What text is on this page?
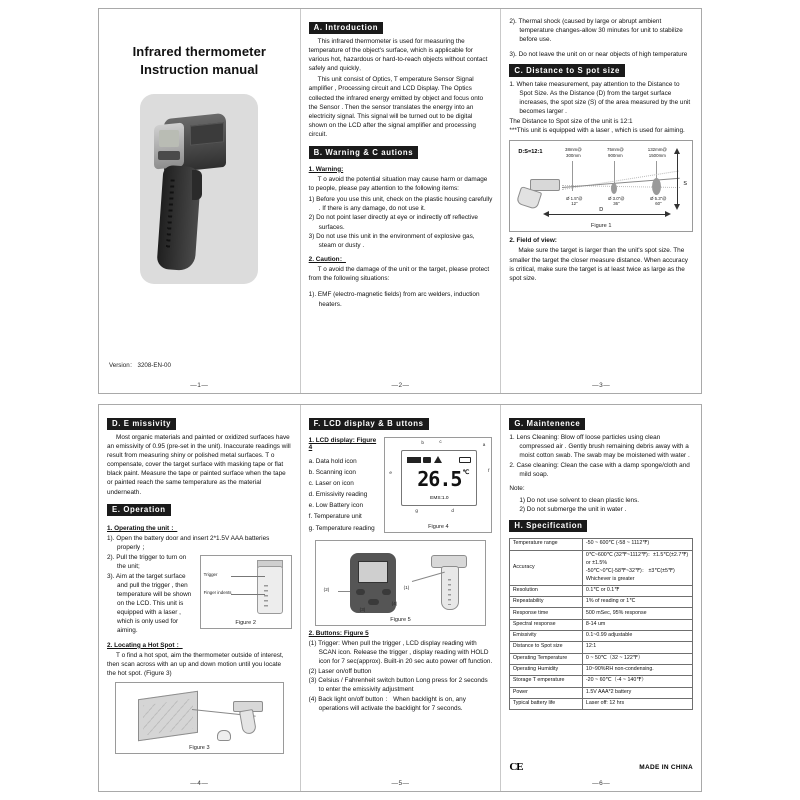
Infrared thermometer
Instruction manual
Version： 3208-EN-00
—1—
A. Introduction

This infrared thermometer is used for measuring the temperature of the object's surface, which is applicable for various hot, hazardous or hard-to-reach objects without contact safely and quickly．

This unit consist of Optics, T emperature Sensor Signal amplifier , Processing circuit and LCD Display. The Optics collected the infrared energy emitted by object and focus onto the Sensor . Then the sensor translates the energy into an electricity signal. This signal will be turned out to be digital shown on the LCD after the signal amplifier and processing circuit.

B. Warning & C autions
1. Warning:

T o avoid the potential situation may cause harm or damage to people, please pay attention to the following items:

1) Before you use this unit, check on the plastic housing carefully . If there is any damage, do not use it.
2) Do not point laser directly at eye or indirectly off reflective surfaces.
3) Do not use this unit in the environment of explosive gas, steam or dusty .
2. Caution：

T o avoid the damage of the unit or the target, please protect from the following situations:

1). EMF (electro-magnetic fields) from arc welders, induction heaters.
—2—
2). Thermal shock (caused by large or abrupt ambient temperature changes-allow 30 minutes for unit to stabilize before use.
3). Do not leave the unit on or near objects of high temperature
C. Distance to S pot size
1. When take measurement, pay attention to the Distance to Spot Size. As the Distance (D) from the target surface increases, the spot size (S) of the area measured by the unit becomes larger .
The Distance to Spot size of the unit is 12:1
***This unit is equipped with a laser , which is used for aiming.
D:S=12:1	38mm@
300mm
75mm@
900mm
132mm@
1500mm
Ø 1.5"@
12"
Ø 3.0"@
36"
Ø 5.3"@
60"
D
S
Figure 1
2. Field of view:

Make sure the target is larger than the unit's spot size. The smaller the target the closer measure distance. When accuracy is critical, make sure the target is at least twice as large as the spot size.

—3—
D. E missivity

Most organic materials and painted or oxidized surfaces have an emissivity of 0.95 (pre-set in the unit). Inaccurate readings will result from measuring shiny or polished metal surfaces. T o compensate, cover the target surface with masking tape or flat black paint. Measure the tape or painted surface when the tape or painted reach the same temperature as the material underneath.

E. Operation
1. Operating the unit ：
1). Open the battery door and insert 2*1.5V AAA batteries properly ；
Trigger
Finger indents
Figure 2
2). Pull the trigger to turn on the unit;
3). Aim at the target surface and pull the trigger , then temperature will be shown on the LCD. This unit is equipped with a laser , which is only used for aiming.
2. Locating a Hot Spot ：

T o find a hot spot, aim the thermometer outside of interest, then scan across with an up and down motion until you locate the hot spot. (Figure 3)

Figure 3
—4—
F. LCD display & B uttons
26.5 ℃
EMS:1.0
e
b	c
a
f
g	d
Figure 4
1. LCD display: Figure 4
a. Data hold icon
b. Scanning icon
c. Laser on icon
d. Emissivity reading
e. Low Battery icon
f. Temperature unit
g. Temperature reading
(2)
(3)
(4)
(1)
Figure 5
2. Buttons: Figure 5
(1) Trigger: When pull the trigger , LCD display reading with SCAN icon. Release the trigger , display reading with HOLD icon for 7 sec(approx). Built-in 20 sec auto power off function.
(2) Laser on/off button
(3) Celsius / Fahrenheit switch button Long press for 2 seconds to enter the emissivity adjustment
(4) Back light on/off button ： When backlight is on, any operations will activate the backlight for 7 seconds.
—5—
G. Maintenence
1. Lens Cleaning: Blow off loose particles using clean compressed air . Gently brush remaining debris away with a moist cotton swab. The swab may be moistened with water .
2. Case cleaning: Clean the case with a damp sponge/cloth and mild soap.
Note:
1) Do not use solvent to clean plastic lens.
2) Do not submerge the unit in water .
H. Specification
Temperature range	-50 ~ 600℃ (-58 ~ 1112℉)
Accuracy	0℃~600℃ (32℉~1112℉)：±1.5℃(±2.7℉)
or ±1.5%
-50℃~0℃(-58℉~32℉)： ±3℃(±5℉)
Whichever is greater

Resolution	0.1℃ or 0.1℉
Repeatability	1% of reading or 1℃
Response time	500 mSec, 95% response
Spectral response	8-14 um
Emissivity	0.1~0.99 adjustable
Distance to Spot size	12:1
Operating Temperature	0 ~ 50℃（32 ~ 122℉）
Operating Humidity	10~90%RH non-condensing.
Storage T emperature	-20 ~ 60℃（-4 ~ 140℉）
Power	1.5V AAA*2 battery
Typical battery life	Laser off: 12 hrs
CE	MADE IN CHINA
—6—
